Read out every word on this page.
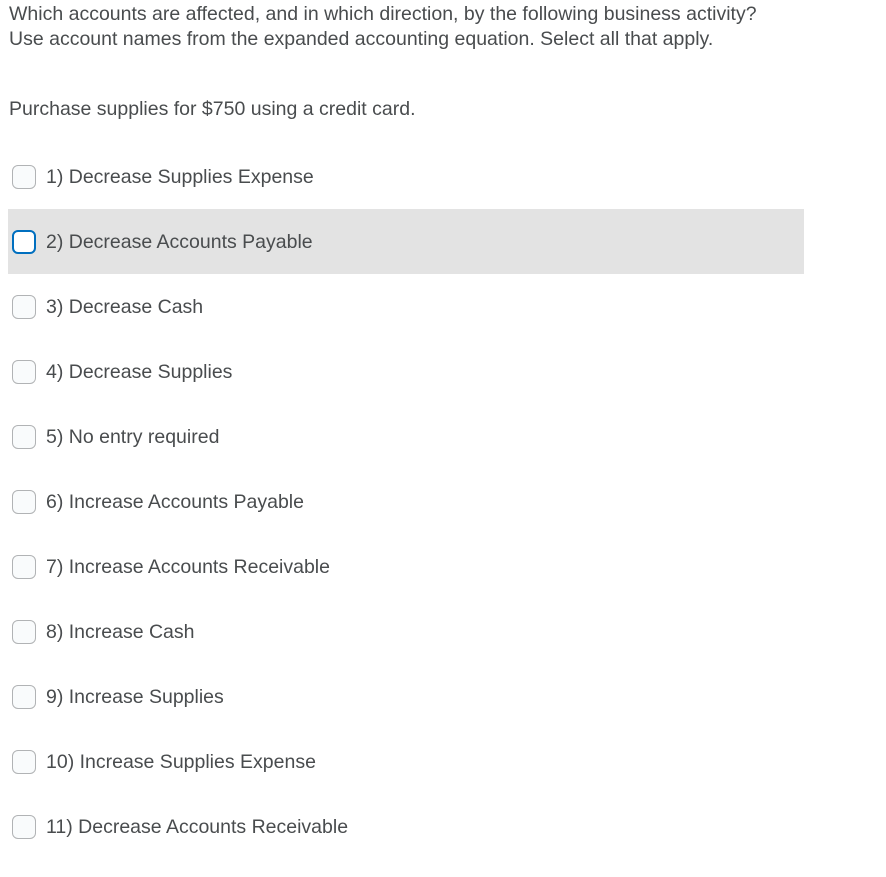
Which accounts are affected, and in which direction, by the following business activity? Use account names from the expanded accounting equation. Select all that apply.

Purchase supplies for $750 using a credit card.

1) Decrease Supplies Expense
2) Decrease Accounts Payable
3) Decrease Cash
4) Decrease Supplies
5) No entry required
6) Increase Accounts Payable
7) Increase Accounts Receivable
8) Increase Cash
9) Increase Supplies
10) Increase Supplies Expense
11) Decrease Accounts Receivable
